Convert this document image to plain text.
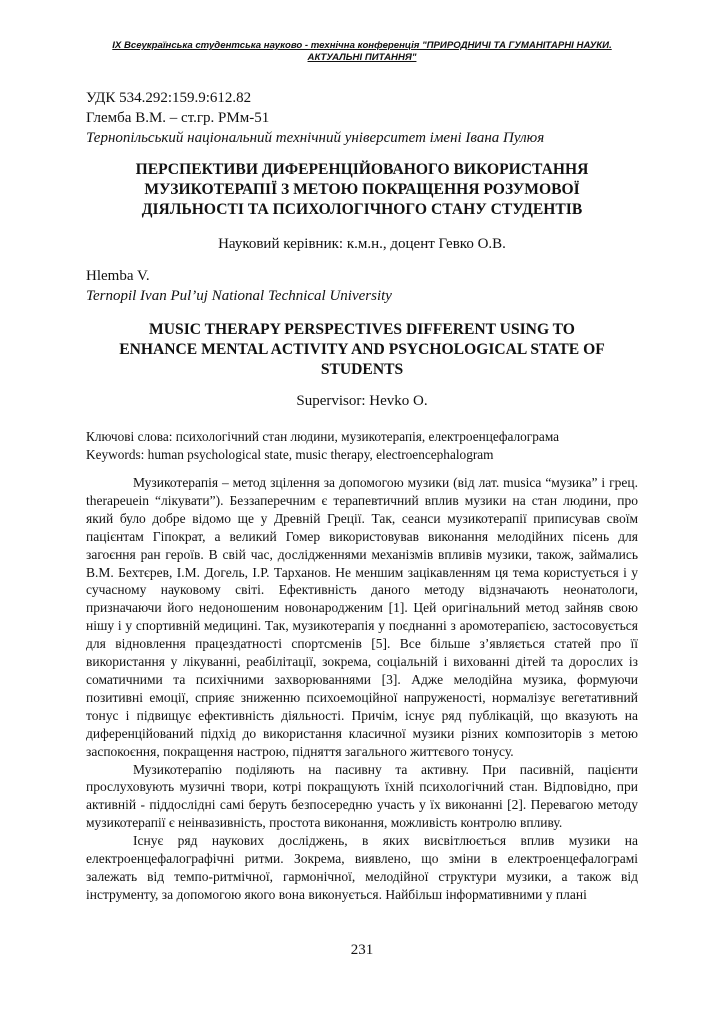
IX Всеукраїнська студентська науково - технічна конференція "ПРИРОДНИЧІ ТА ГУМАНІТАРНІ НАУКИ.
АКТУАЛЬНІ ПИТАННЯ"
УДК 534.292:159.9:612.82
Глемба В.М. – ст.гр. РМм-51
Тернопільський національний технічний університет імені Івана Пулюя
ПЕРСПЕКТИВИ ДИФЕРЕНЦІЙОВАНОГО ВИКОРИСТАННЯ
МУЗИКОТЕРАПІЇ З МЕТОЮ ПОКРАЩЕННЯ РОЗУМОВОЇ
ДІЯЛЬНОСТІ ТА ПСИХОЛОГІЧНОГО СТАНУ СТУДЕНТІВ
Науковий керівник: к.м.н., доцент Гевко О.В.
Hlemba V.
Ternopil Ivan Pul’uj National Technical University
MUSIC THERAPY PERSPECTIVES DIFFERENT USING TO
ENHANCE MENTAL ACTIVITY AND PSYCHOLOGICAL STATE OF
STUDENTS
Supervisor: Hevko O.
Ключові слова: психологічний стан людини, музикотерапія, електроенцефалограма
Keywords: human psychological state, music therapy, electroencephalogram

Музикотерапія – метод зцілення за допомогою музики (від лат. musica “музика” і грец. therapeuein “лікувати”). Беззаперечним є терапевтичний вплив музики на стан людини, про який було добре відомо ще у Древній Греції. Так, сеанси музикотерапії приписував своїм пацієнтам Гіпократ, а великий Гомер використовував виконання мелодійних пісень для загоєння ран героїв. В свій час, дослідженнями механізмів впливів музики, також, займались В.М. Бехтєрев, І.М. Догель, І.Р. Тарханов. Не меншим зацікавленням ця тема користується і у сучасному науковому світі. Ефективність даного методу відзначають неонатологи, призначаючи його недоношеним новонародженим [1]. Цей оригінальний метод зайняв свою нішу і у спортивній медицині. Так, музикотерапія у поєднанні з аромотерапією, застосовується для відновлення працездатності спортсменів [5]. Все більше з’являється статей про її використання у лікуванні, реабілітації, зокрема, соціальній і вихованні дітей та дорослих із соматичними та психічними захворюваннями [3]. Адже мелодійна музика, формуючи позитивні емоції, сприяє зниженню психоемоційної напруженості, нормалізує вегетативний тонус і підвищує ефективність діяльності. Причім, існує ряд публікацій, що вказують на диференційований підхід до використання класичної музики різних композиторів з метою заспокоєння, покращення настрою, підняття загального життєвого тонусу.

Музикотерапію поділяють на пасивну та активну. При пасивній, пацієнти прослуховують музичні твори, котрі покращують їхній психологічний стан. Відповідно, при активній - піддослідні самі беруть безпосередню участь у їх виконанні [2]. Перевагою методу музикотерапії є неінвазивність, простота виконання, можливість контролю впливу.

Існує ряд наукових досліджень, в яких висвітлюється вплив музики на електроенцефалографічні ритми. Зокрема, виявлено, що зміни в електроенцефалограмі залежать від темпо-ритмічної, гармонічної, мелодійної структури музики, а також від інструменту, за допомогою якого вона виконується. Найбільш інформативними у плані

231
